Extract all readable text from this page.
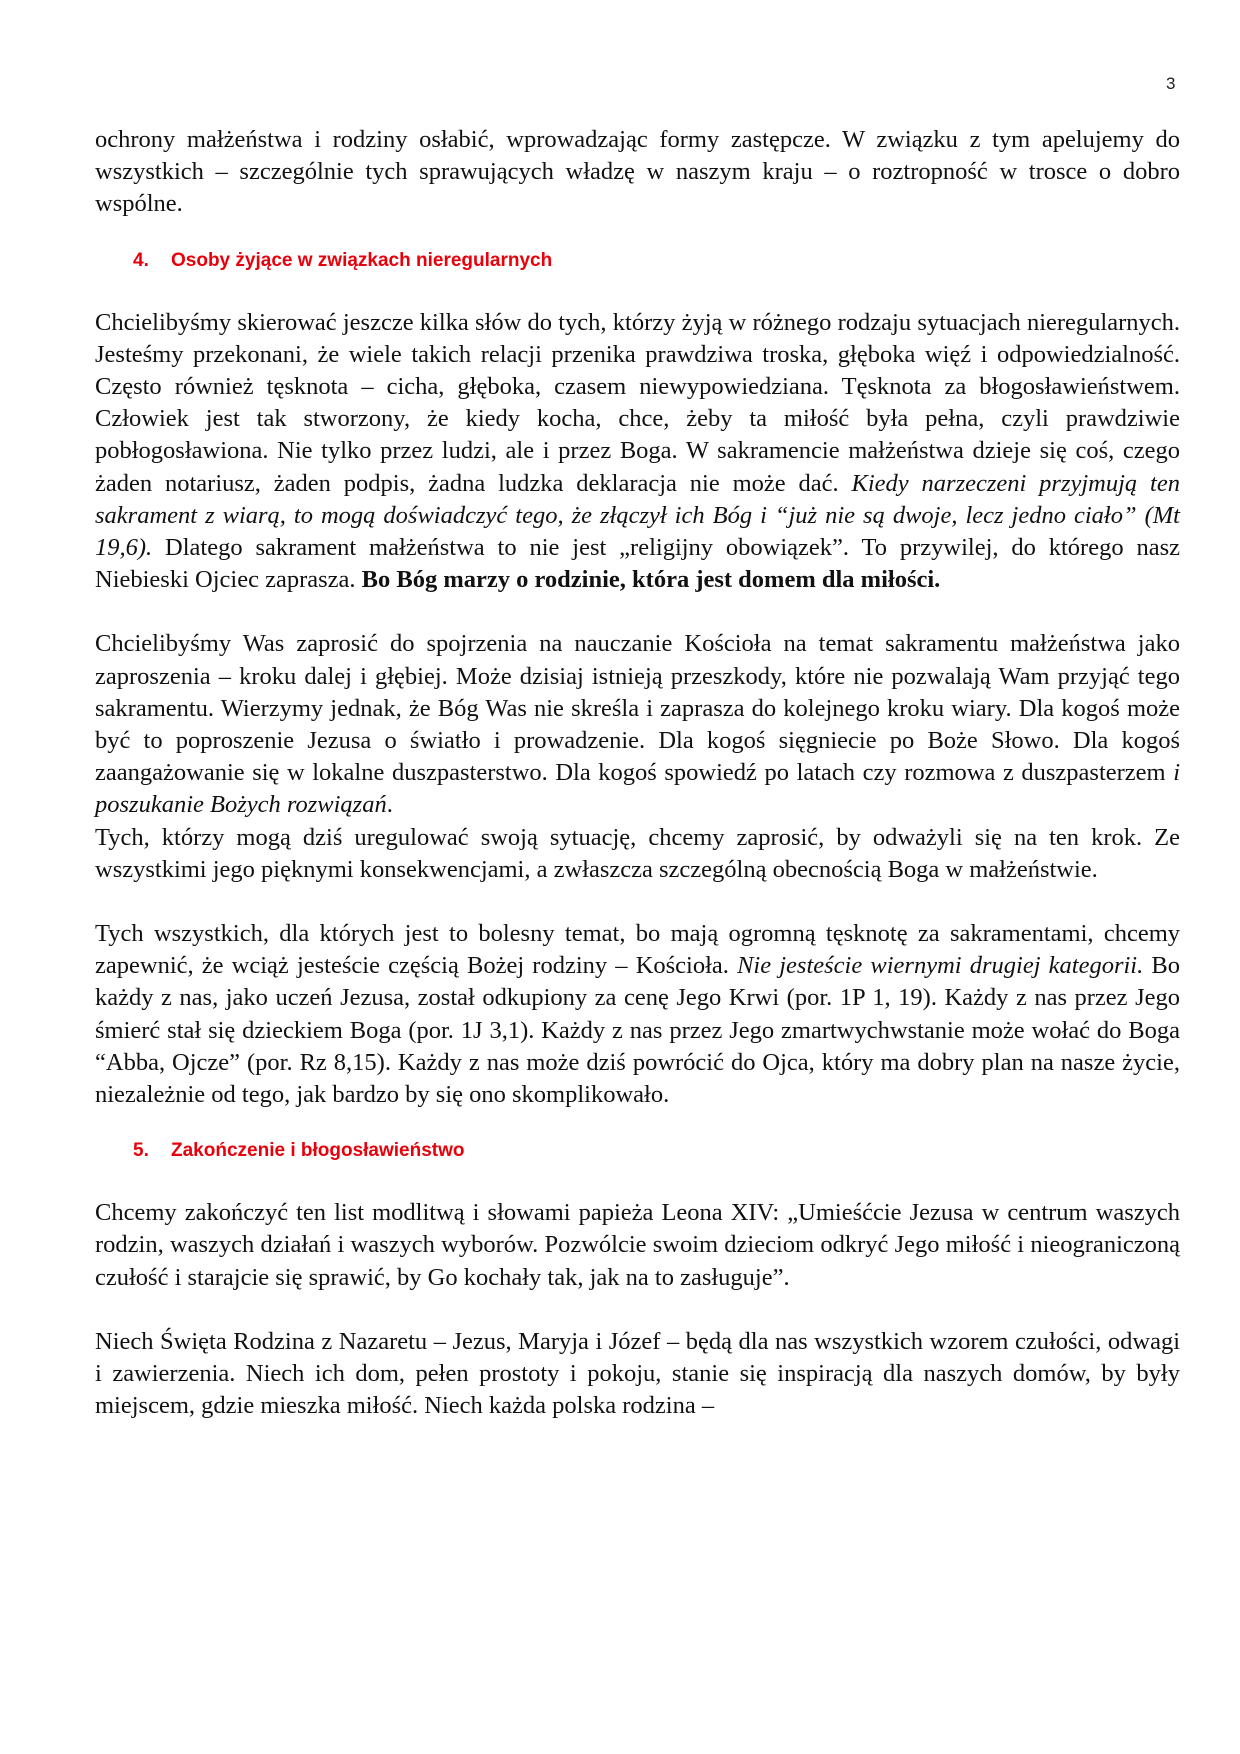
3

ochrony małżeństwa i rodziny osłabić, wprowadzając formy zastępcze. W związku z tym apelujemy do wszystkich – szczególnie tych sprawujących władzę w naszym kraju – o roztropność w trosce o dobro wspólne.

4. Osoby żyjące w związkach nieregularnych

Chcielibyśmy skierować jeszcze kilka słów do tych, którzy żyją w różnego rodzaju sytuacjach nieregularnych. Jesteśmy przekonani, że wiele takich relacji przenika prawdziwa troska, głęboka więź i odpowiedzialność. Często również tęsknota – cicha, głęboka, czasem niewypowiedziana. Tęsknota za błogosławieństwem. Człowiek jest tak stworzony, że kiedy kocha, chce, żeby ta miłość była pełna, czyli prawdziwie pobłogosławiona. Nie tylko przez ludzi, ale i przez Boga. W sakramencie małżeństwa dzieje się coś, czego żaden notariusz, żaden podpis, żadna ludzka deklaracja nie może dać. Kiedy narzeczeni przyjmują ten sakrament z wiarą, to mogą doświadczyć tego, że złączył ich Bóg i “już nie są dwoje, lecz jedno ciało” (Mt 19,6). Dlatego sakrament małżeństwa to nie jest „religijny obowiązek”. To przywilej, do którego nasz Niebieski Ojciec zaprasza. Bo Bóg marzy o rodzinie, która jest domem dla miłości.

Chcielibyśmy Was zaprosić do spojrzenia na nauczanie Kościoła na temat sakramentu małżeństwa jako zaproszenia – kroku dalej i głębiej. Może dzisiaj istnieją przeszkody, które nie pozwalają Wam przyjąć tego sakramentu. Wierzymy jednak, że Bóg Was nie skreśla i zaprasza do kolejnego kroku wiary. Dla kogoś może być to poproszenie Jezusa o światło i prowadzenie. Dla kogoś sięgniecie po Boże Słowo. Dla kogoś zaangażowanie się w lokalne duszpasterstwo. Dla kogoś spowiedź po latach czy rozmowa z duszpasterzem i poszukanie Bożych rozwiązań.

Tych, którzy mogą dziś uregulować swoją sytuację, chcemy zaprosić, by odważyli się na ten krok. Ze wszystkimi jego pięknymi konsekwencjami, a zwłaszcza szczególną obecnością Boga w małżeństwie.

Tych wszystkich, dla których jest to bolesny temat, bo mają ogromną tęsknotę za sakramentami, chcemy zapewnić, że wciąż jesteście częścią Bożej rodziny – Kościoła. Nie jesteście wiernymi drugiej kategorii. Bo każdy z nas, jako uczeń Jezusa, został odkupiony za cenę Jego Krwi (por. 1P 1, 19). Każdy z nas przez Jego śmierć stał się dzieckiem Boga (por. 1J 3,1). Każdy z nas przez Jego zmartwychwstanie może wołać do Boga “Abba, Ojcze” (por. Rz 8,15). Każdy z nas może dziś powrócić do Ojca, który ma dobry plan na nasze życie, niezależnie od tego, jak bardzo by się ono skomplikowało.

5. Zakończenie i błogosławieństwo

Chcemy zakończyć ten list modlitwą i słowami papieża Leona XIV: „Umieśćcie Jezusa w centrum waszych rodzin, waszych działań i waszych wyborów. Pozwólcie swoim dzieciom odkryć Jego miłość i nieograniczoną czułość i starajcie się sprawić, by Go kochały tak, jak na to zasługuje”.

Niech Święta Rodzina z Nazaretu – Jezus, Maryja i Józef – będą dla nas wszystkich wzorem czułości, odwagi i zawierzenia. Niech ich dom, pełen prostoty i pokoju, stanie się inspiracją dla naszych domów, by były miejscem, gdzie mieszka miłość. Niech każda polska rodzina –
